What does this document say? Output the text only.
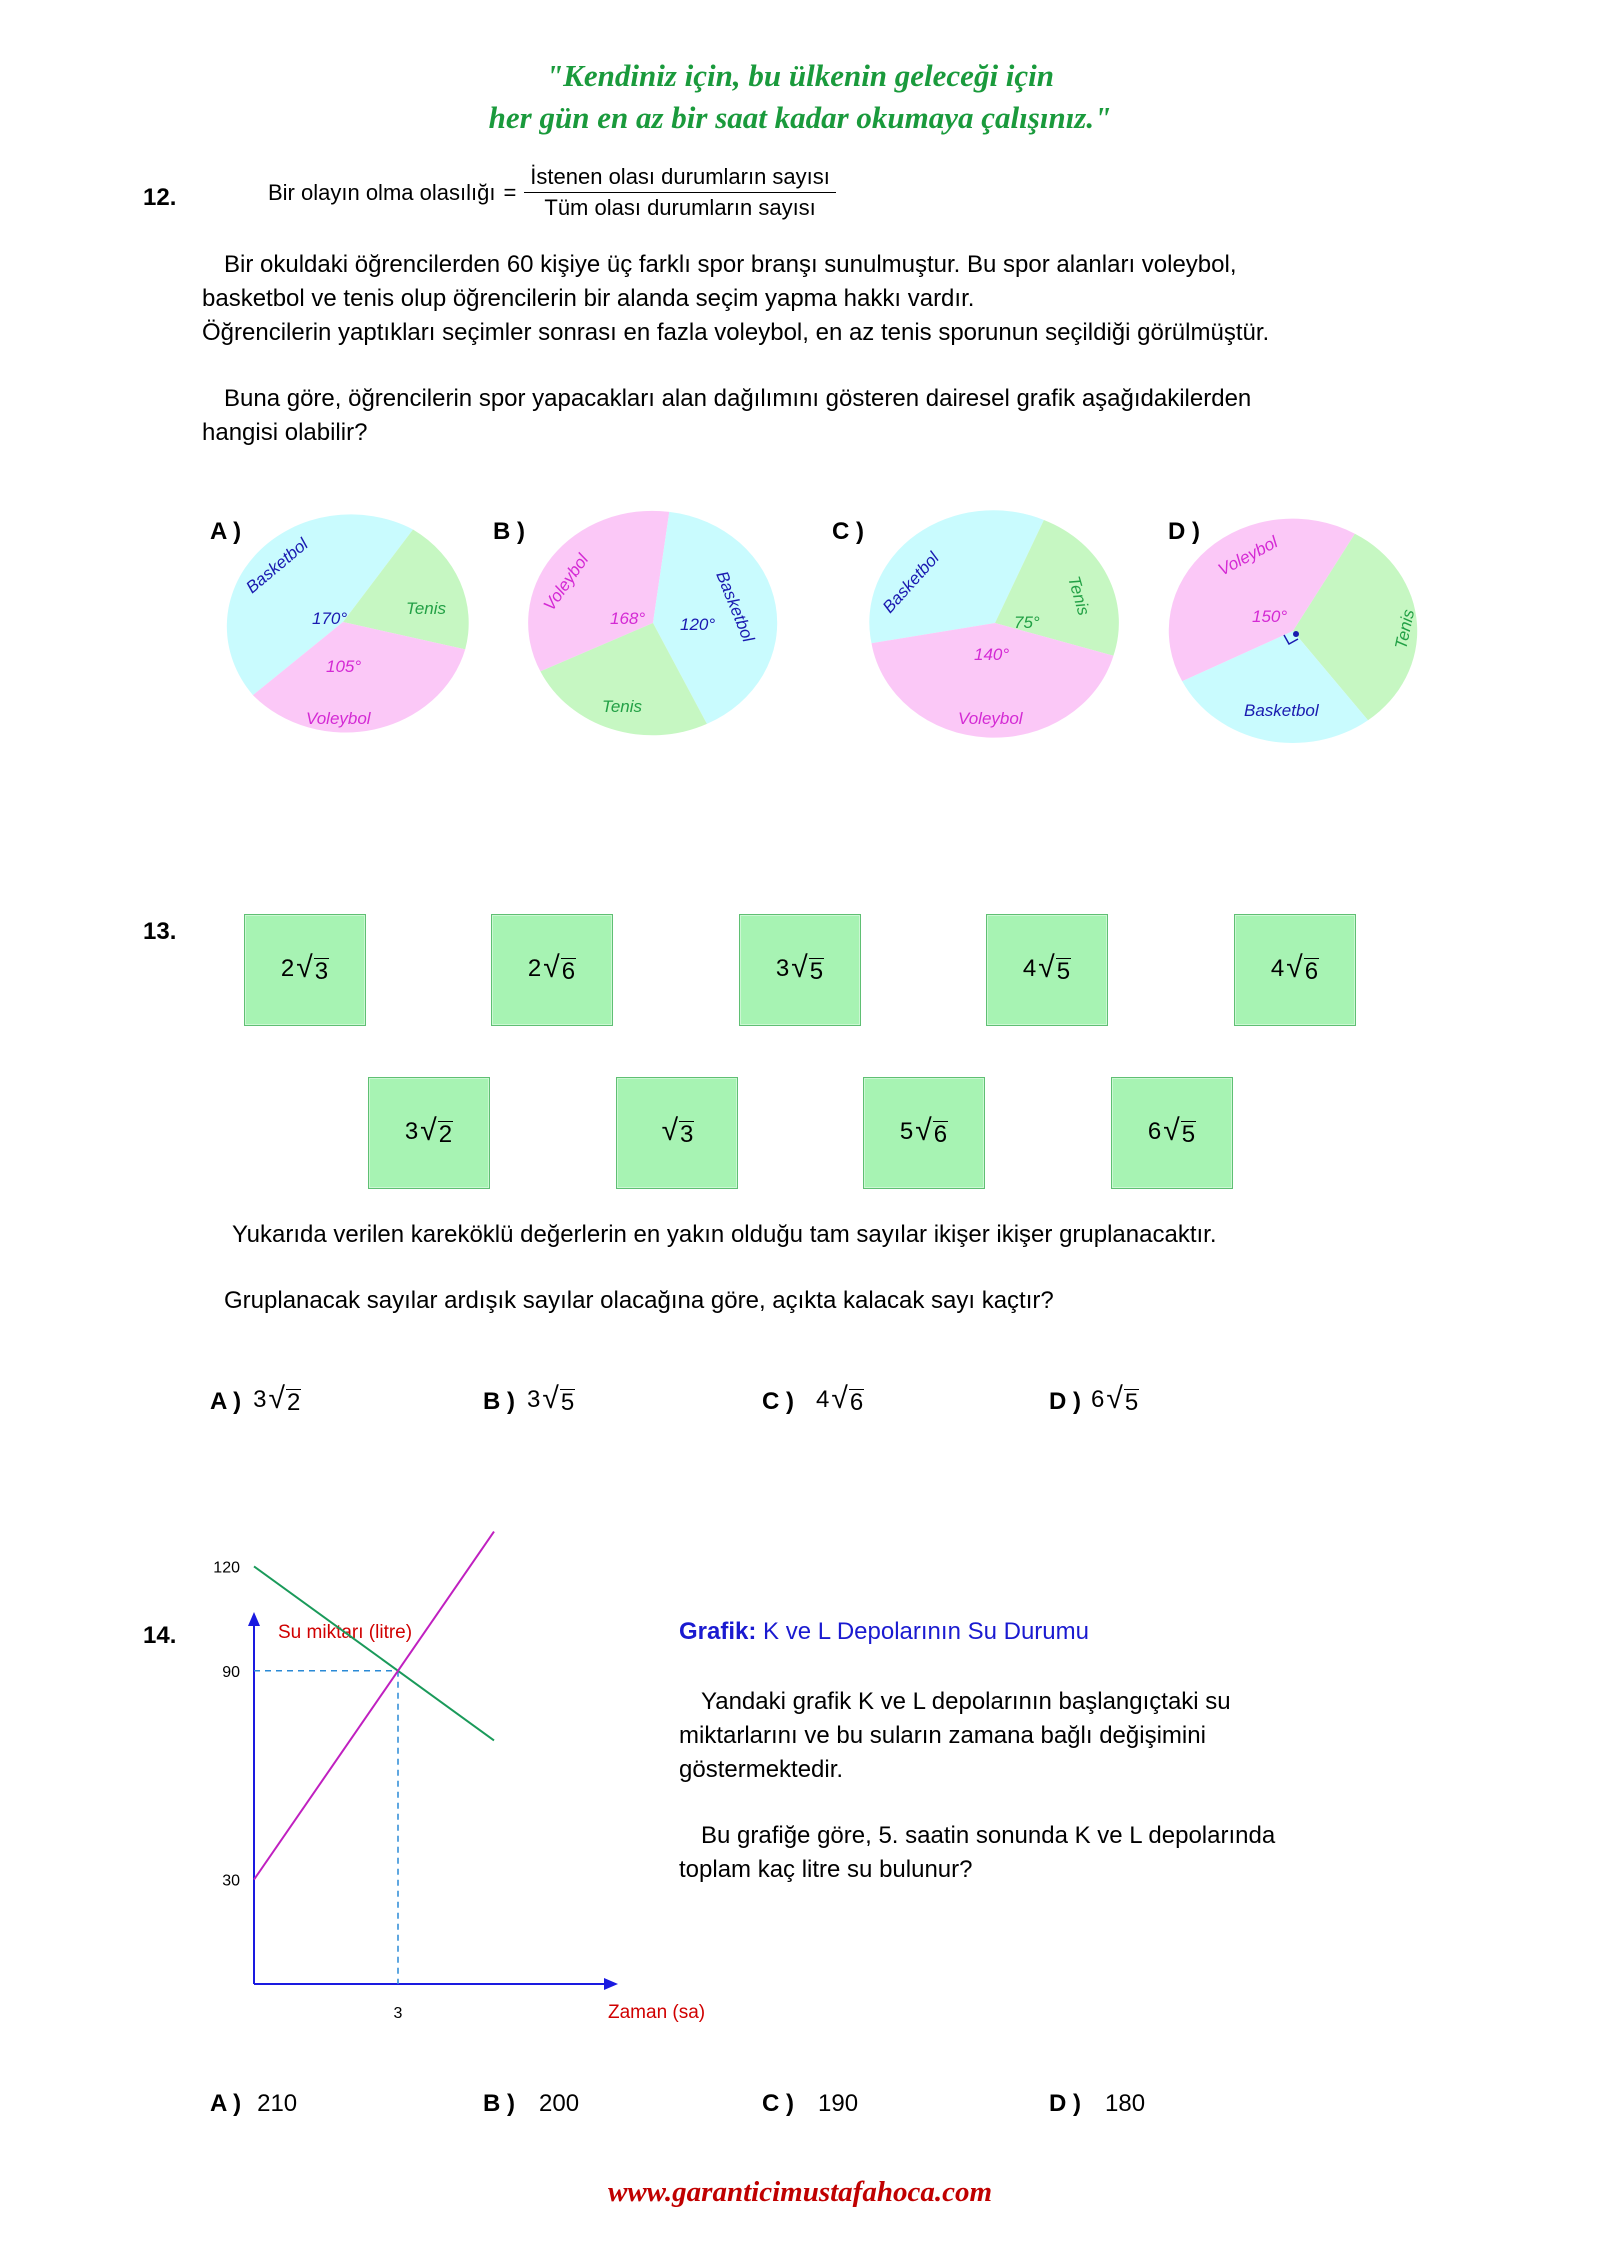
"Kendiniz için, bu ülkenin geleceği için
her gün en az bir saat kadar okumaya çalışınız."
12.	Bir olayın olma olasılığı = $\frac{\text{İstenen olası durumların sayısı}}{\text{Tüm olası durumların sayısı}}$
Bir okuldaki öğrencilerden 60 kişiye üç farklı spor branşı sunulmuştur. Bu spor alanları voleybol,
basketbol ve tenis olup öğrencilerin bir alanda seçim yapma hakkı vardır.
Öğrencilerin yaptıkları seçimler sonrası en fazla voleybol, en az tenis sporunun seçildiği görülmüştür.
Buna göre, öğrencilerin spor yapacakları alan dağılımını gösteren dairesel grafik aşağıdakilerden
hangisi olabilir?
A )	B )	C )	D )
Basketbol
Tenis
Voleybol
170°
105°
Voleybol	Basketbol
Tenis
168° 120°
Basketbol	Tenis
Voleybol
75°
140°
Voleybol
Tenis
Basketbol
150°
13.
2 √ 3	2 √ 6	3 √ 5	4 √ 5	4 √ 6
3 √ 2	√ 3	5 √ 6	6 √ 5
Yukarıda verilen kareköklü değerlerin en yakın olduğu tam sayılar ikişer ikişer gruplanacaktır.
Gruplanacak sayılar ardışık sayılar olacağına göre, açıkta kalacak sayı kaçtır?
A ) 3 √ 2	B ) 3 √ 5	C ) 4 √ 6	D ) 6 √ 5
14.	Su miktarı (litre)
Zaman (sa)
30
90
120
3
Grafik: K ve L Depolarının Su Durumu
Yandaki grafik K ve L depolarının başlangıçtaki su
miktarlarını ve bu suların zamana bağlı değişimini
göstermektedir.
Bu grafiğe göre, 5. saatin sonunda K ve L depolarında
toplam kaç litre su bulunur?
A ) 210	B ) 200	C ) 190	D ) 180
www.garanticimustafahoca.com
